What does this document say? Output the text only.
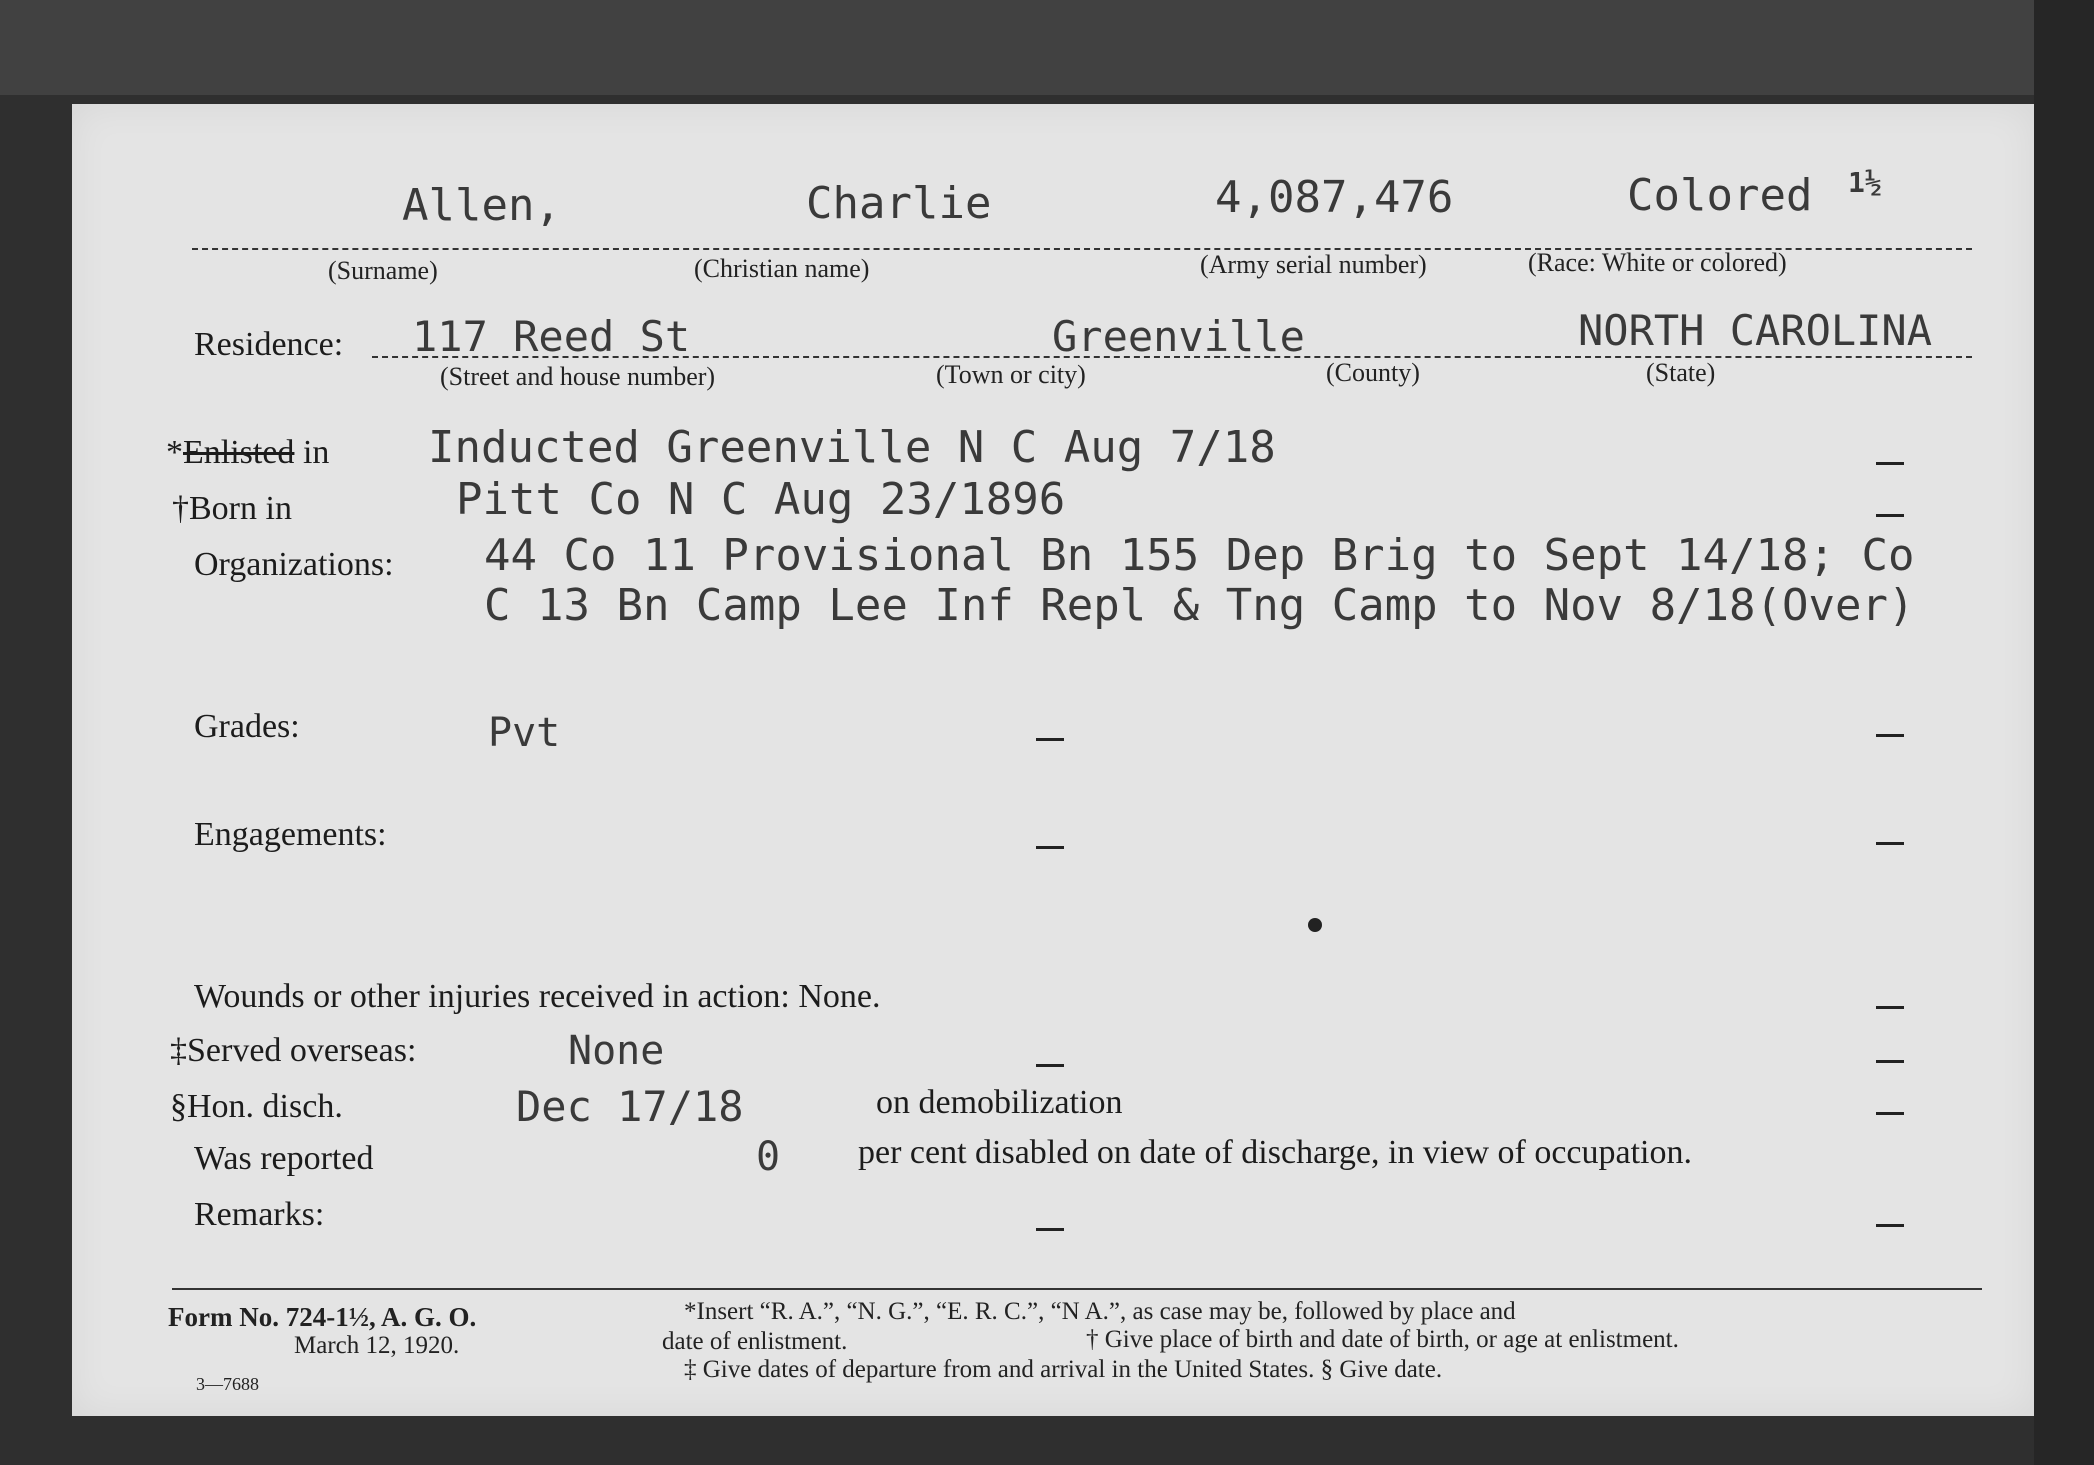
Allen,	Charlie	4,087,476	Colored 1½
(Surname)	(Christian name)	(Army serial number)	(Race: White or colored)
Residence: 117 Reed St	Greenville	NORTH CAROLINA
(Street and house number)	(Town or city)	(County)	(State)
*Enlisted in Inducted Greenville N C Aug 7/18
†Born in	Pitt Co N C Aug 23/1896
Organizations: 44 Co 11 Provisional Bn 155 Dep Brig to Sept 14/18; Co
C 13 Bn Camp Lee Inf Repl & Tng Camp to Nov 8/18(Over)
Grades:	Pvt
Engagements:
Wounds or other injuries received in action: None.
‡Served overseas:	None
§Hon. disch.	Dec 17/18	on demobilization
Was reported	0 per cent disabled on date of discharge, in view of occupation.
Remarks:
Form No. 724-1½, A. G. O.
March 12, 1920.
3—7688
*Insert “R. A.”, “N. G.”, “E. R. C.”, “N A.”, as case may be, followed by place and
date of enlistment.	† Give place of birth and date of birth, or age at enlistment.
‡ Give dates of departure from and arrival in the United States. § Give date.
